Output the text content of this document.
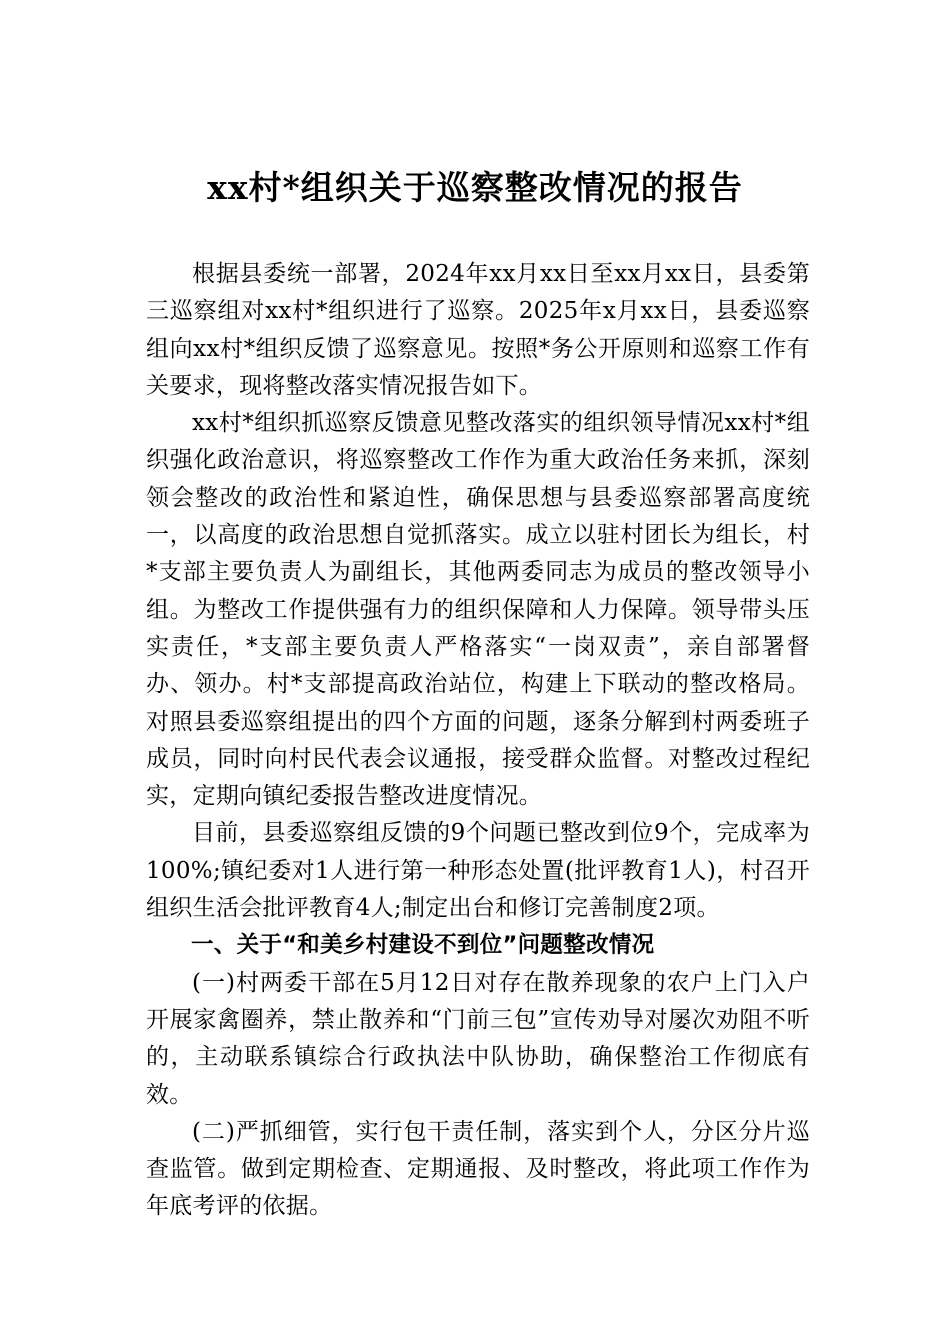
xx村*组织关于巡察整改情况的报告

根据县委统一部署，2024年xx月xx日至xx月xx日，县委第三巡察组对xx村*组织进行了巡察。2025年x月xx日，县委巡察组向xx村*组织反馈了巡察意见。按照*务公开原则和巡察工作有关要求，现将整改落实情况报告如下。

xx村*组织抓巡察反馈意见整改落实的组织领导情况xx村*组织强化政治意识，将巡察整改工作作为重大政治任务来抓，深刻领会整改的政治性和紧迫性，确保思想与县委巡察部署高度统一，以高度的政治思想自觉抓落实。成立以驻村团长为组长，村*支部主要负责人为副组长，其他两委同志为成员的整改领导小组。为整改工作提供强有力的组织保障和人力保障。领导带头压实责任，*支部主要负责人严格落实“一岗双责”，亲自部署督办、领办。村*支部提高政治站位，构建上下联动的整改格局。对照县委巡察组提出的四个方面的问题，逐条分解到村两委班子成员，同时向村民代表会议通报，接受群众监督。对整改过程纪实，定期向镇纪委报告整改进度情况。

目前，县委巡察组反馈的9个问题已整改到位9个，完成率为100%;镇纪委对1人进行第一种形态处置(批评教育1人)，村召开组织生活会批评教育4人;制定出台和修订完善制度2项。

一、关于“和美乡村建设不到位”问题整改情况

(一)村两委干部在5月12日对存在散养现象的农户上门入户开展家禽圈养，禁止散养和“门前三包”宣传劝导对屡次劝阻不听的，主动联系镇综合行政执法中队协助，确保整治工作彻底有效。

(二)严抓细管，实行包干责任制，落实到个人，分区分片巡查监管。做到定期检查、定期通报、及时整改，将此项工作作为年底考评的依据。
